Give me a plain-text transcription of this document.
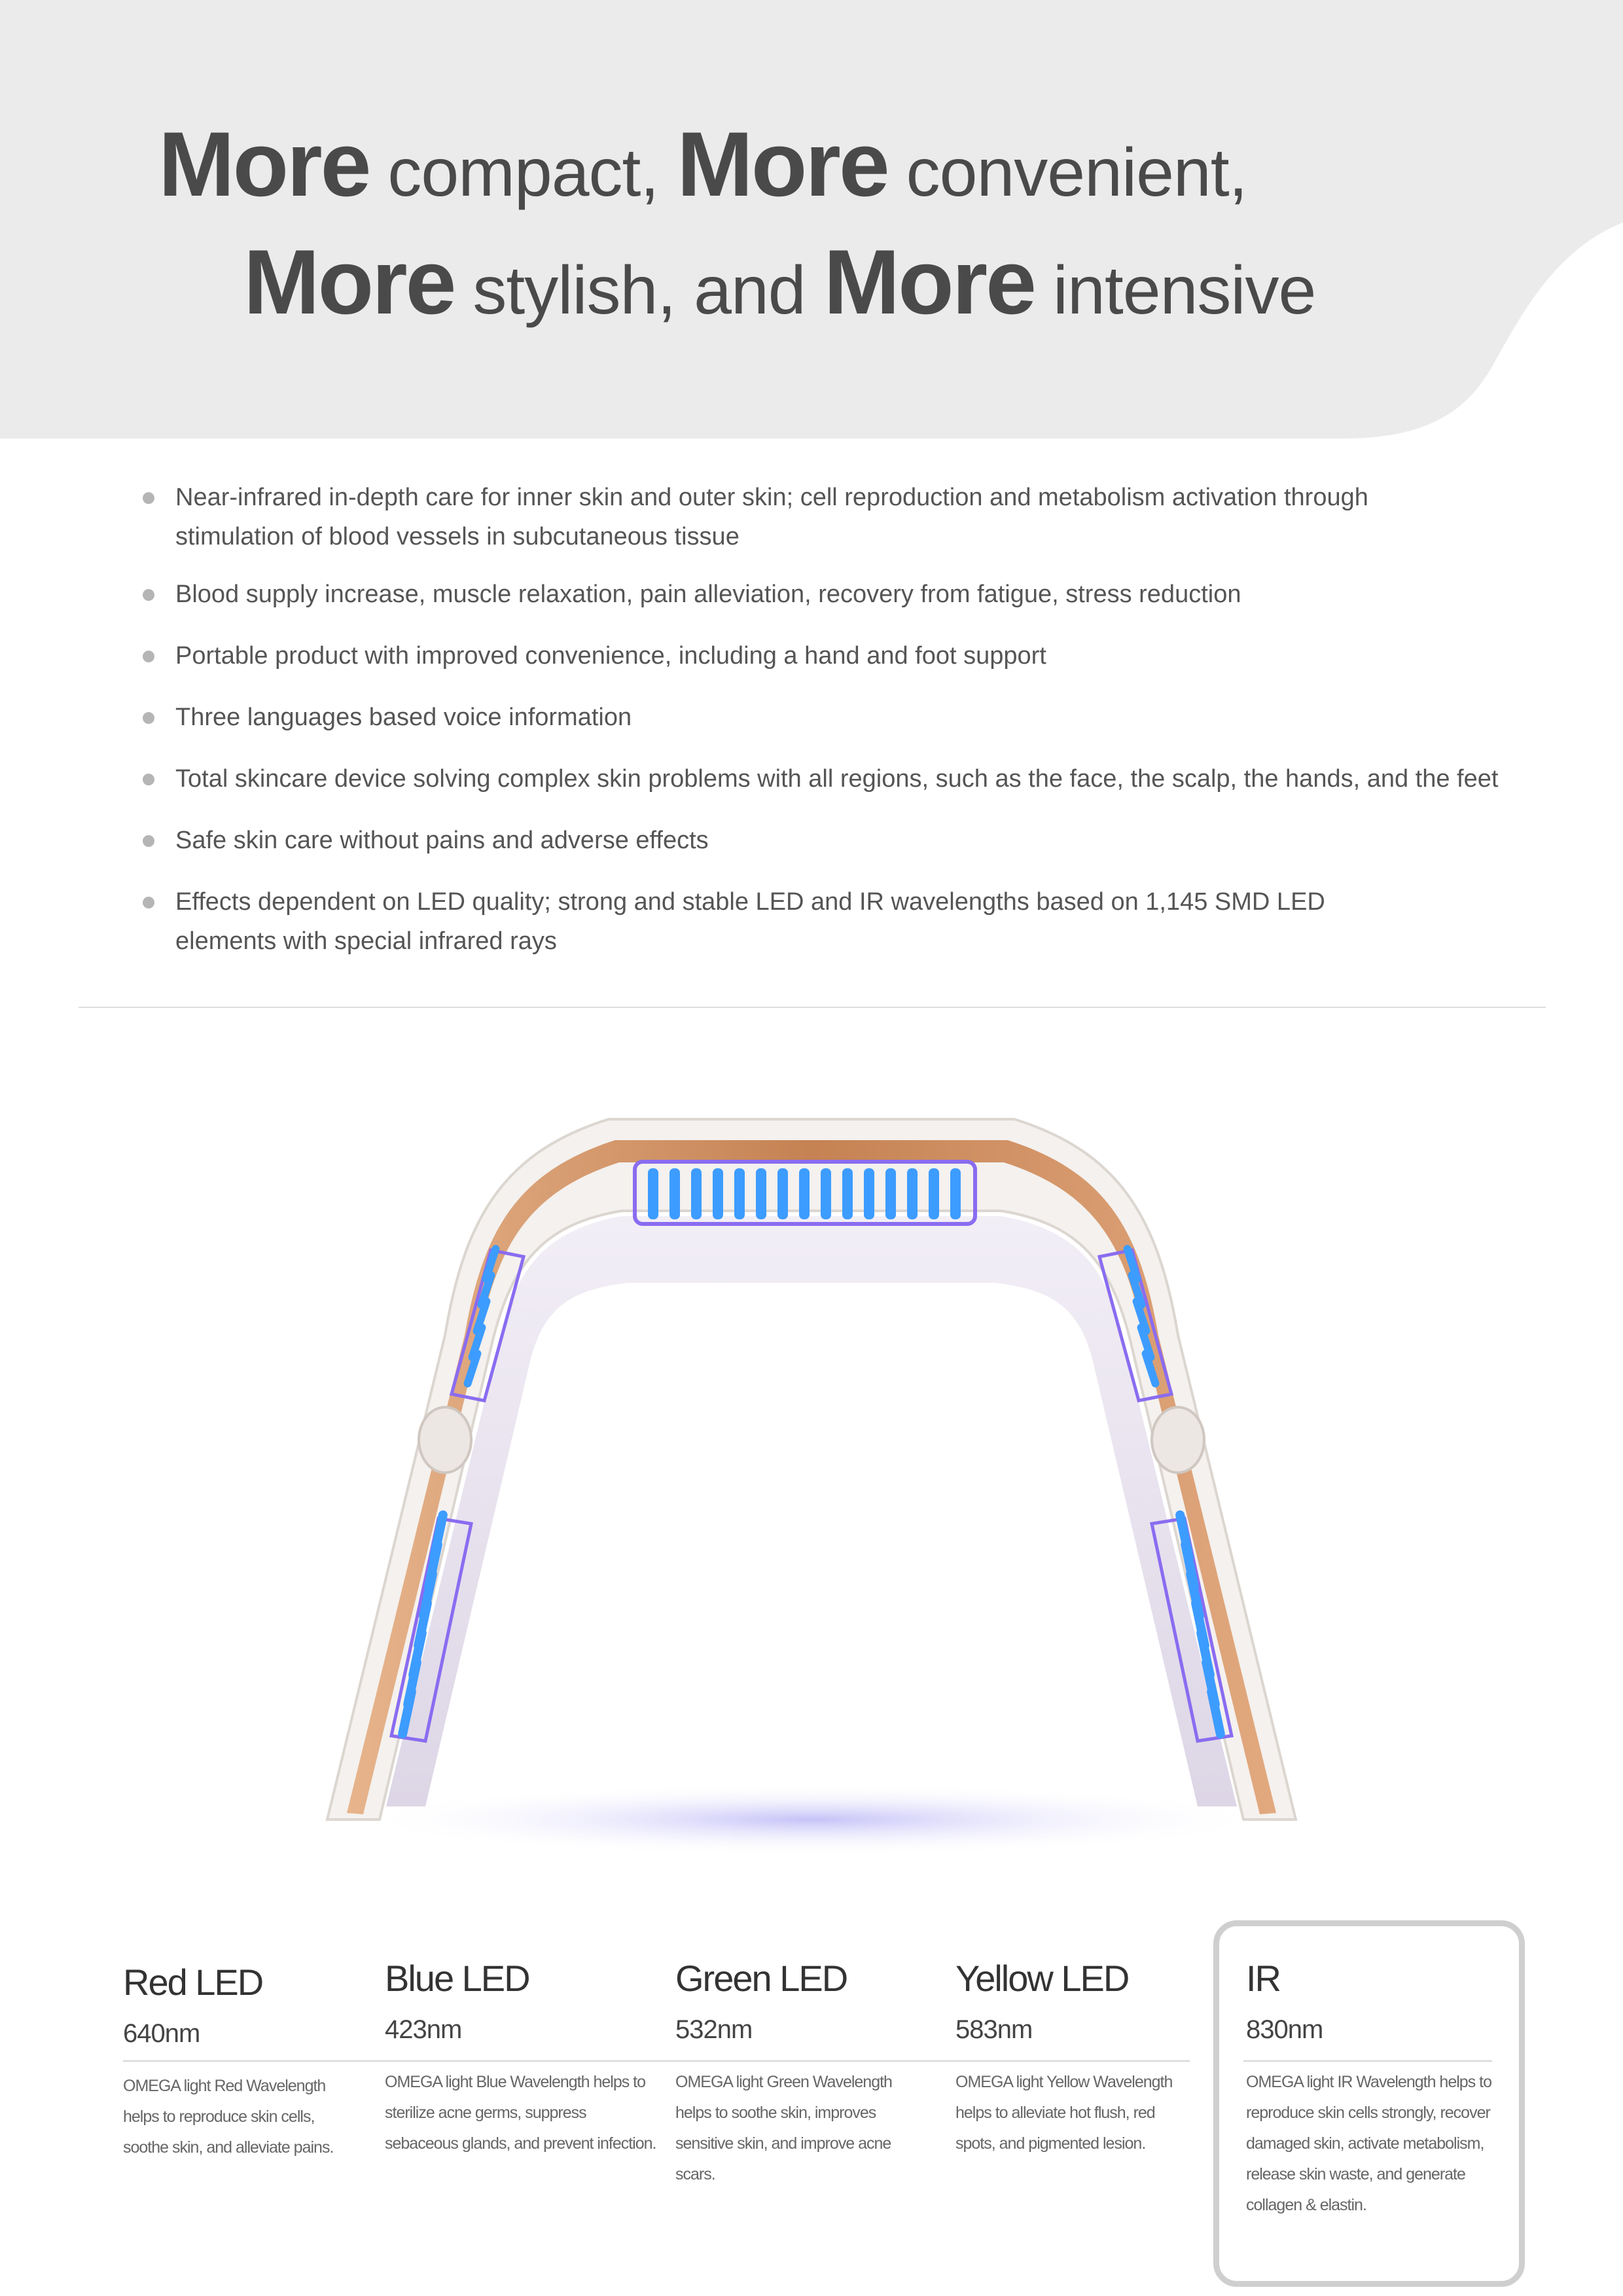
More compact, More convenient,
More stylish, and More intensive
Near-infrared in-depth care for inner skin and outer skin; cell reproduction and metabolism activation through stimulation of blood vessels in subcutaneous tissue
Blood supply increase, muscle relaxation, pain alleviation, recovery from fatigue, stress reduction
Portable product with improved convenience, including a hand and foot support
Three languages based voice information
Total skincare device solving complex skin problems with all regions, such as the face, the scalp, the hands, and the feet
Safe skin care without pains and adverse effects
Effects dependent on LED quality; strong and stable LED and IR wavelengths based on 1,145 SMD LED elements with special infrared rays
Red LED
640nm
OMEGA light Red Wavelength helps to reproduce skin cells, soothe skin, and alleviate pains.
Blue LED
423nm
OMEGA light Blue Wavelength helps to sterilize acne germs, suppress sebaceous glands, and prevent infection.
Green LED
532nm
OMEGA light Green Wavelength helps to soothe skin, improves sensitive skin, and improve acne scars.
Yellow LED
583nm
OMEGA light Yellow Wavelength helps to alleviate hot flush, red spots, and pigmented lesion.
IR
830nm
OMEGA light IR Wavelength helps to reproduce skin cells strongly, recover damaged skin, activate metabolism, release skin waste, and generate collagen & elastin.
